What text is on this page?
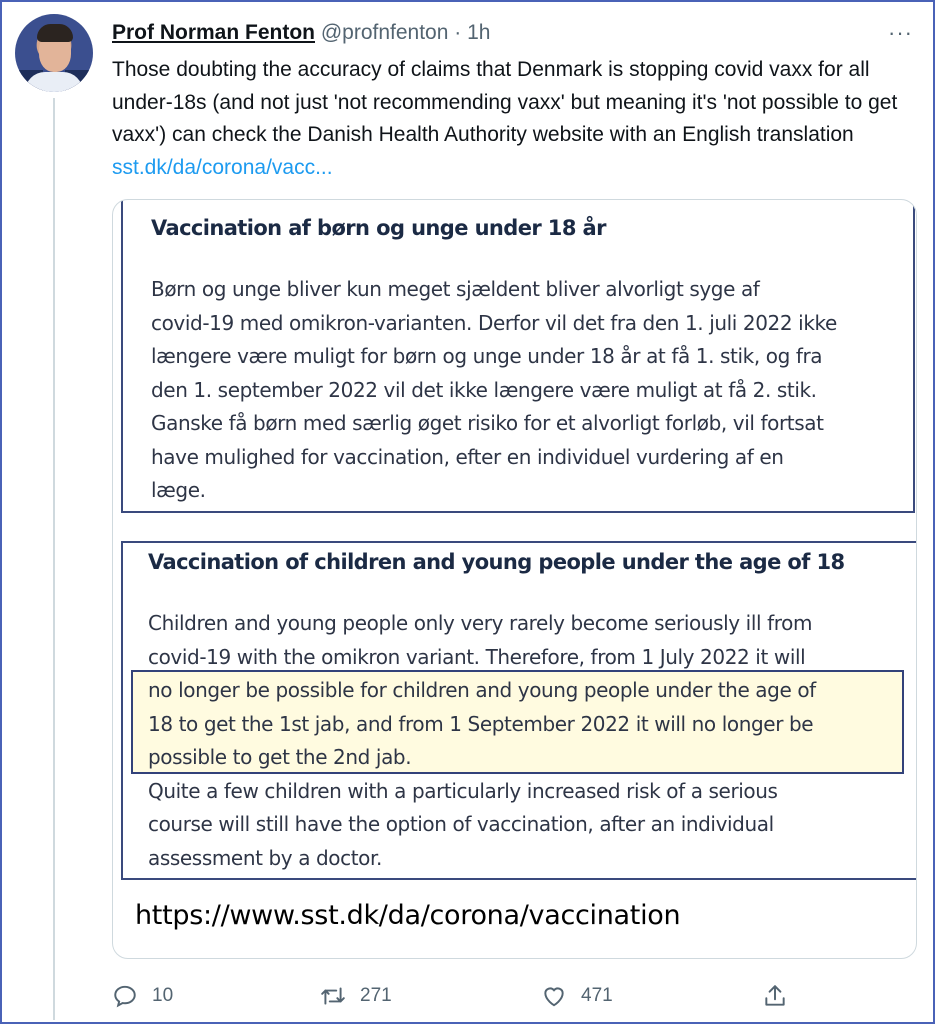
Prof Norman Fenton @profnfenton · 1h	···
Those doubting the accuracy of claims that Denmark is stopping covid vaxx for all under-18s (and not just 'not recommending vaxx' but meaning it's 'not possible to get vaxx') can check the Danish Health Authority website with an English translation sst.dk/da/corona/vacc...
Vaccination af børn og unge under 18 år
Børn og unge bliver kun meget sjældent bliver alvorligt syge af
covid-19 med omikron-varianten. Derfor vil det fra den 1. juli 2022 ikke
længere være muligt for børn og unge under 18 år at få 1. stik, og fra
den 1. september 2022 vil det ikke længere være muligt at få 2. stik.
Ganske få børn med særlig øget risiko for et alvorligt forløb, vil fortsat
have mulighed for vaccination, efter en individuel vurdering af en
læge.
Vaccination of children and young people under the age of 18
Children and young people only very rarely become seriously ill from
covid-19 with the omikron variant. Therefore, from 1 July 2022 it will
no longer be possible for children and young people under the age of
18 to get the 1st jab, and from 1 September 2022 it will no longer be
possible to get the 2nd jab.
Quite a few children with a particularly increased risk of a serious
course will still have the option of vaccination, after an individual
assessment by a doctor.
https://www.sst.dk/da/corona/vaccination
10	271	471
